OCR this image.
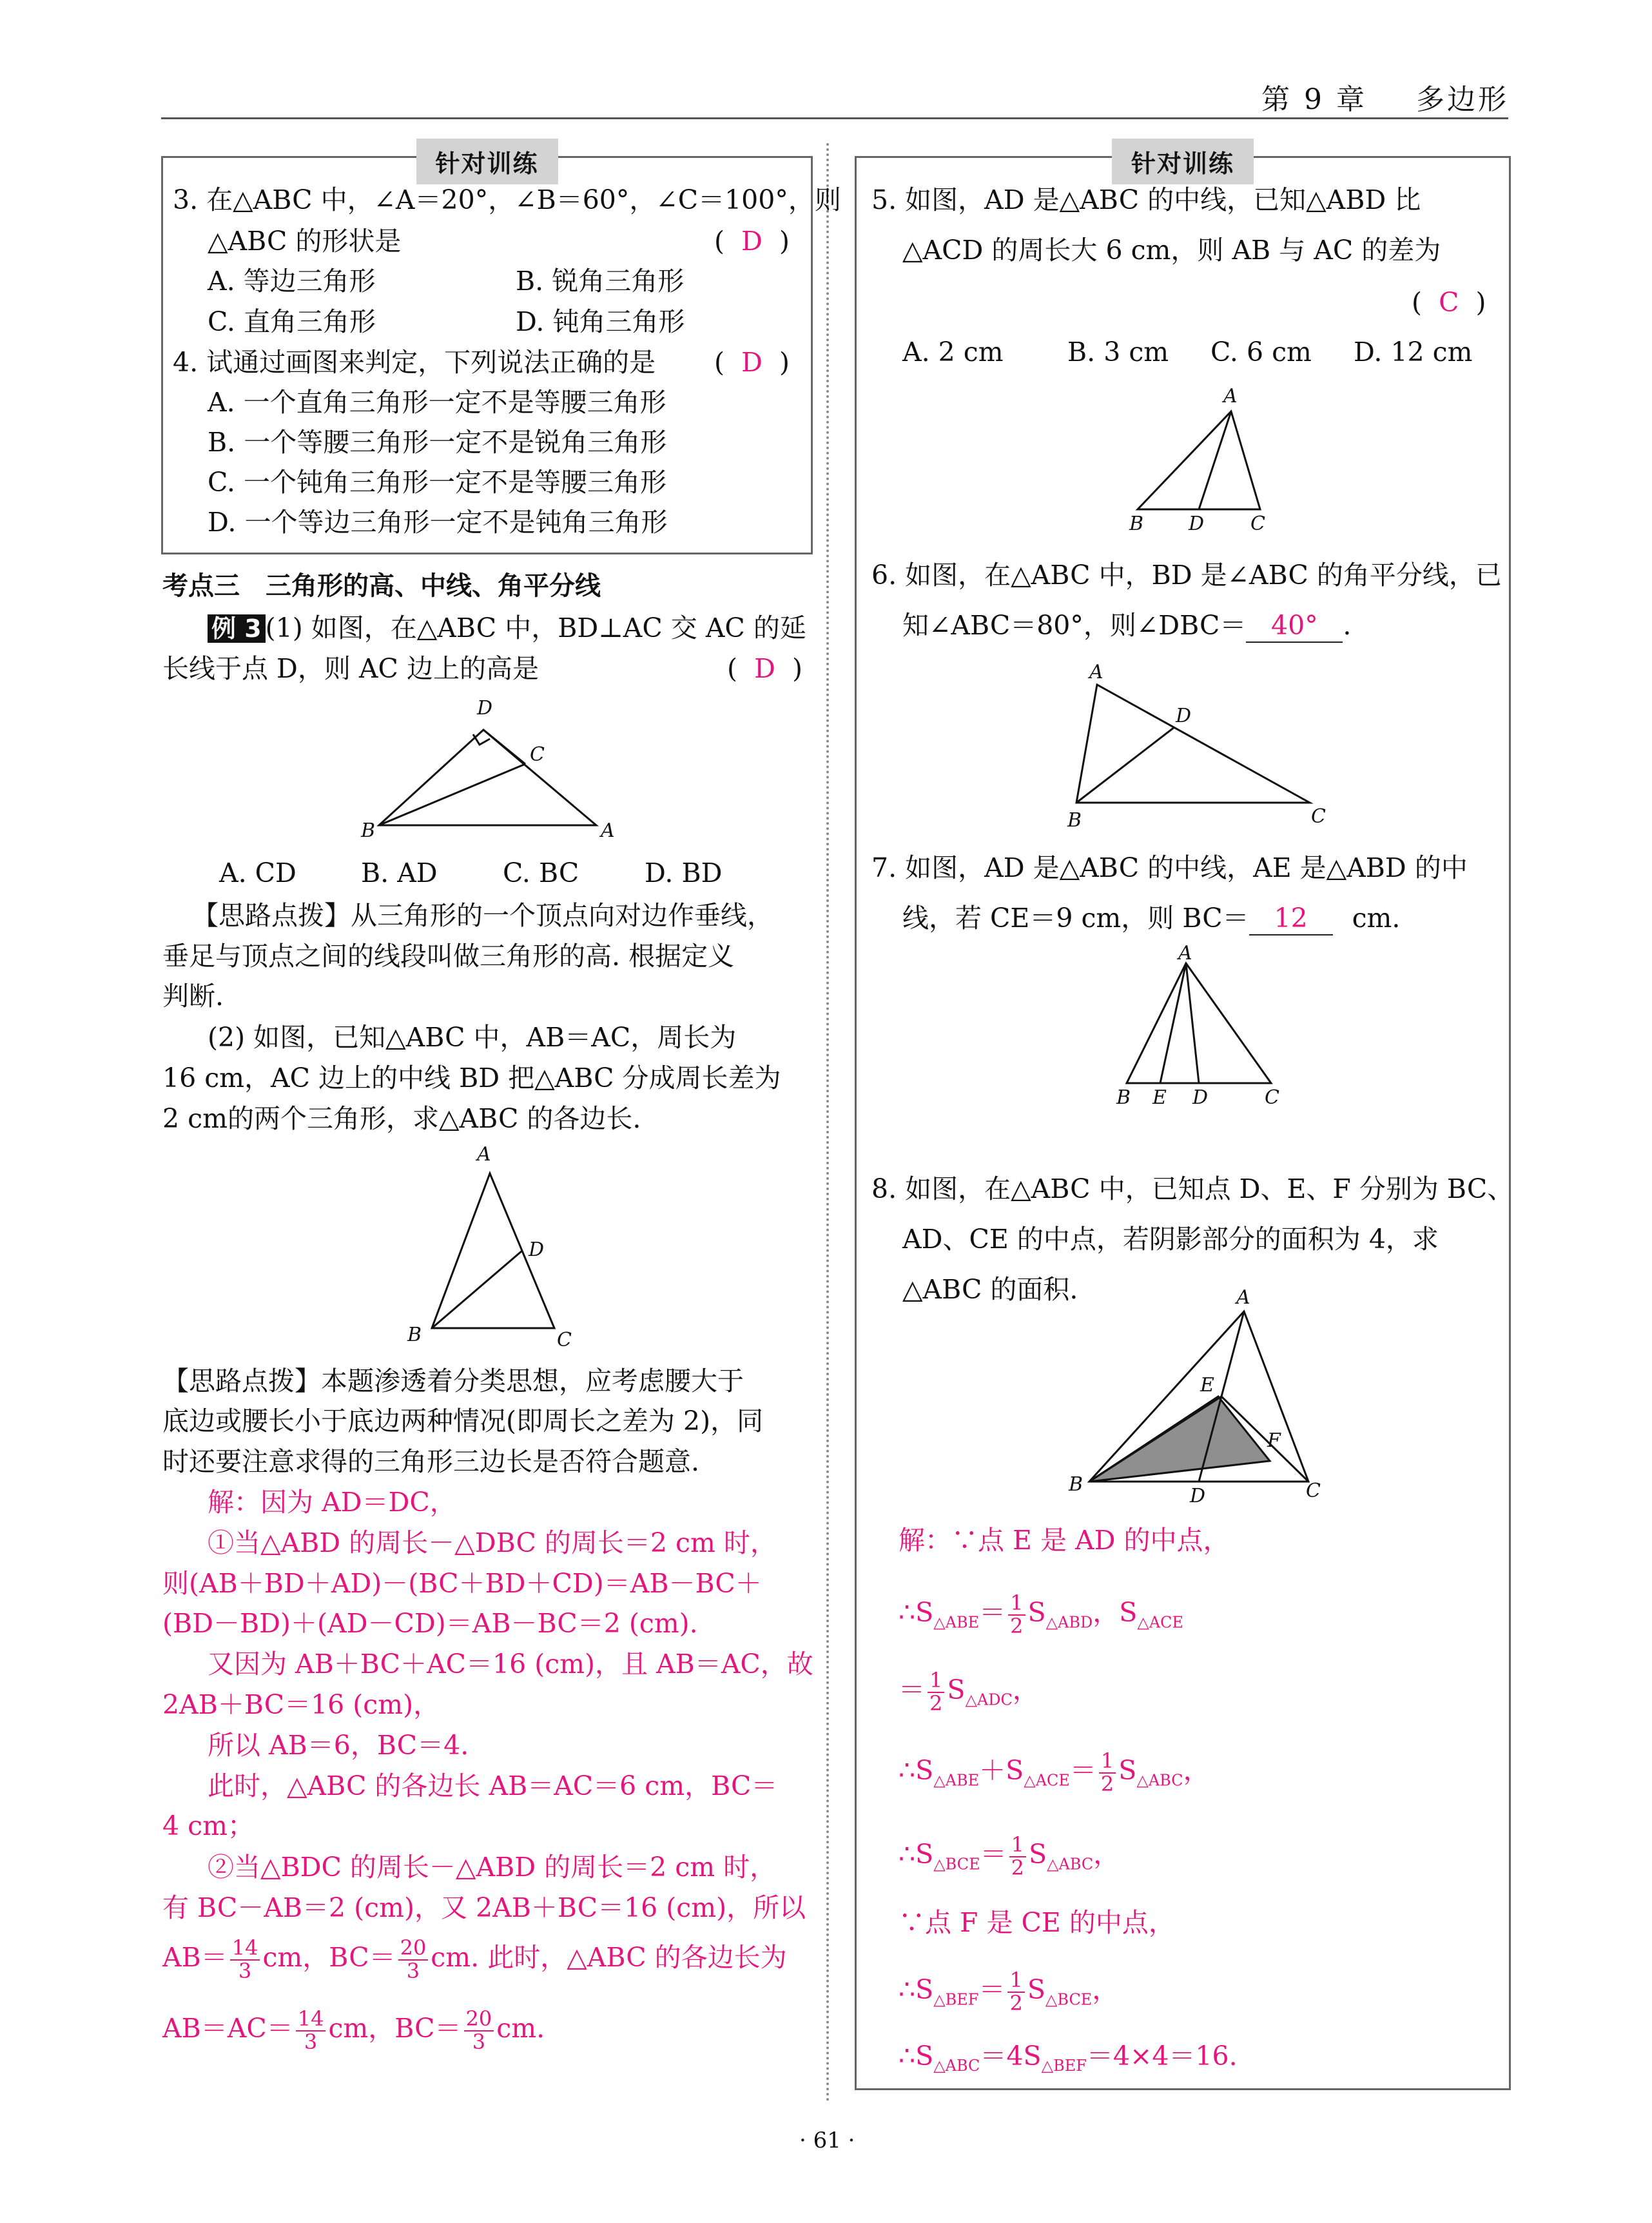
第 9 章 多边形
针对训练
3. 在△ABC 中，∠A＝20°，∠B＝60°，∠C＝100°，则
△ABC 的形状是	(  D  )
A. 等边三角形	B. 锐角三角形
C. 直角三角形	D. 钝角三角形
4. 试通过画图来判定，下列说法正确的是 (  D  )
A. 一个直角三角形一定不是等腰三角形
B. 一个等腰三角形一定不是锐角三角形
C. 一个钝角三角形一定不是等腰三角形
D. 一个等边三角形一定不是钝角三角形
考点三　三角形的高、中线、角平分线
例 3 (1) 如图，在△ABC 中，BD⊥AC 交 AC 的延
长线于点 D，则 AC 边上的高是	(  D  )
D
C
B	A
A. CD B. AD C. BC D. BD
【思路点拨】从三角形的一个顶点向对边作垂线，
垂足与顶点之间的线段叫做三角形的高. 根据定义
判断.
(2) 如图，已知△ABC 中，AB＝AC，周长为
16 cm，AC 边上的中线 BD 把△ABC 分成周长差为
2 cm的两个三角形，求△ABC 的各边长.
A
D
B	C
【思路点拨】本题渗透着分类思想，应考虑腰大于
底边或腰长小于底边两种情况(即周长之差为 2)，同
时还要注意求得的三角形三边长是否符合题意.
解：因为 AD＝DC，
①当△ABD 的周长－△DBC 的周长＝2 cm 时，
则(AB＋BD＋AD)－(BC＋BD＋CD)＝AB－BC＋
(BD－BD)＋(AD－CD)＝AB－BC＝2 (cm).
又因为 AB＋BC＋AC＝16 (cm)，且 AB＝AC，故
2AB＋BC＝16 (cm)，
所以 AB＝6，BC＝4.
此时，△ABC 的各边长 AB＝AC＝6 cm，BC＝
4 cm；
②当△BDC 的周长－△ABD 的周长＝2 cm 时，
有 BC－AB＝2 (cm)，又 2AB＋BC＝16 (cm)，所以
$AB= \frac{14}{3}$ cm，$BC= \frac{20}{3}$ cm. 此时，△ABC 的各边长为
$AB=AC= \frac{14}{3}$ cm，$BC= \frac{20}{3}$ cm.
针对训练
5. 如图，AD 是△ABC 的中线，已知△ABD 比
△ACD 的周长大 6 cm，则 AB 与 AC 的差为
(  C  )
A. 2 cm B. 3 cm C. 6 cm D. 12 cm
A
B D C
6. 如图，在△ABC 中，BD 是∠ABC 的角平分线，已
知∠ABC＝80°，则∠DBC＝ 40° .
A
D
B	C
7. 如图，AD 是△ABC 的中线，AE 是△ABD 的中
线，若 CE＝9 cm，则 BC＝ 12 cm.
A
B E D	C
8. 如图，在△ABC 中，已知点 D、E、F 分别为 BC、
AD、CE 的中点，若阴影部分的面积为 4，求
△ABC 的面积.	A
E
F
B
D	C
解：∵点 E 是 AD 的中点，
$\therefore S_{\triangle ABE}= \frac{1}{2} S_{\triangle ABD}$，$S_{\triangle ACE}$
＝ $\frac{1}{2} S_{\triangle ADC}$，
$\therefore S_{\triangle ABE}+S_{\triangle ACE}= \frac{1}{2} S_{\triangle ABC}$，
$\therefore S_{\triangle BCE}= \frac{1}{2} S_{\triangle ABC}$，
∵点 F 是 CE 的中点，
$\therefore S_{\triangle BEF}= \frac{1}{2} S_{\triangle BCE}$，
$\therefore S_{\triangle ABC}=4S_{\triangle BEF}=4\times 4=16$.
· 61 ·
